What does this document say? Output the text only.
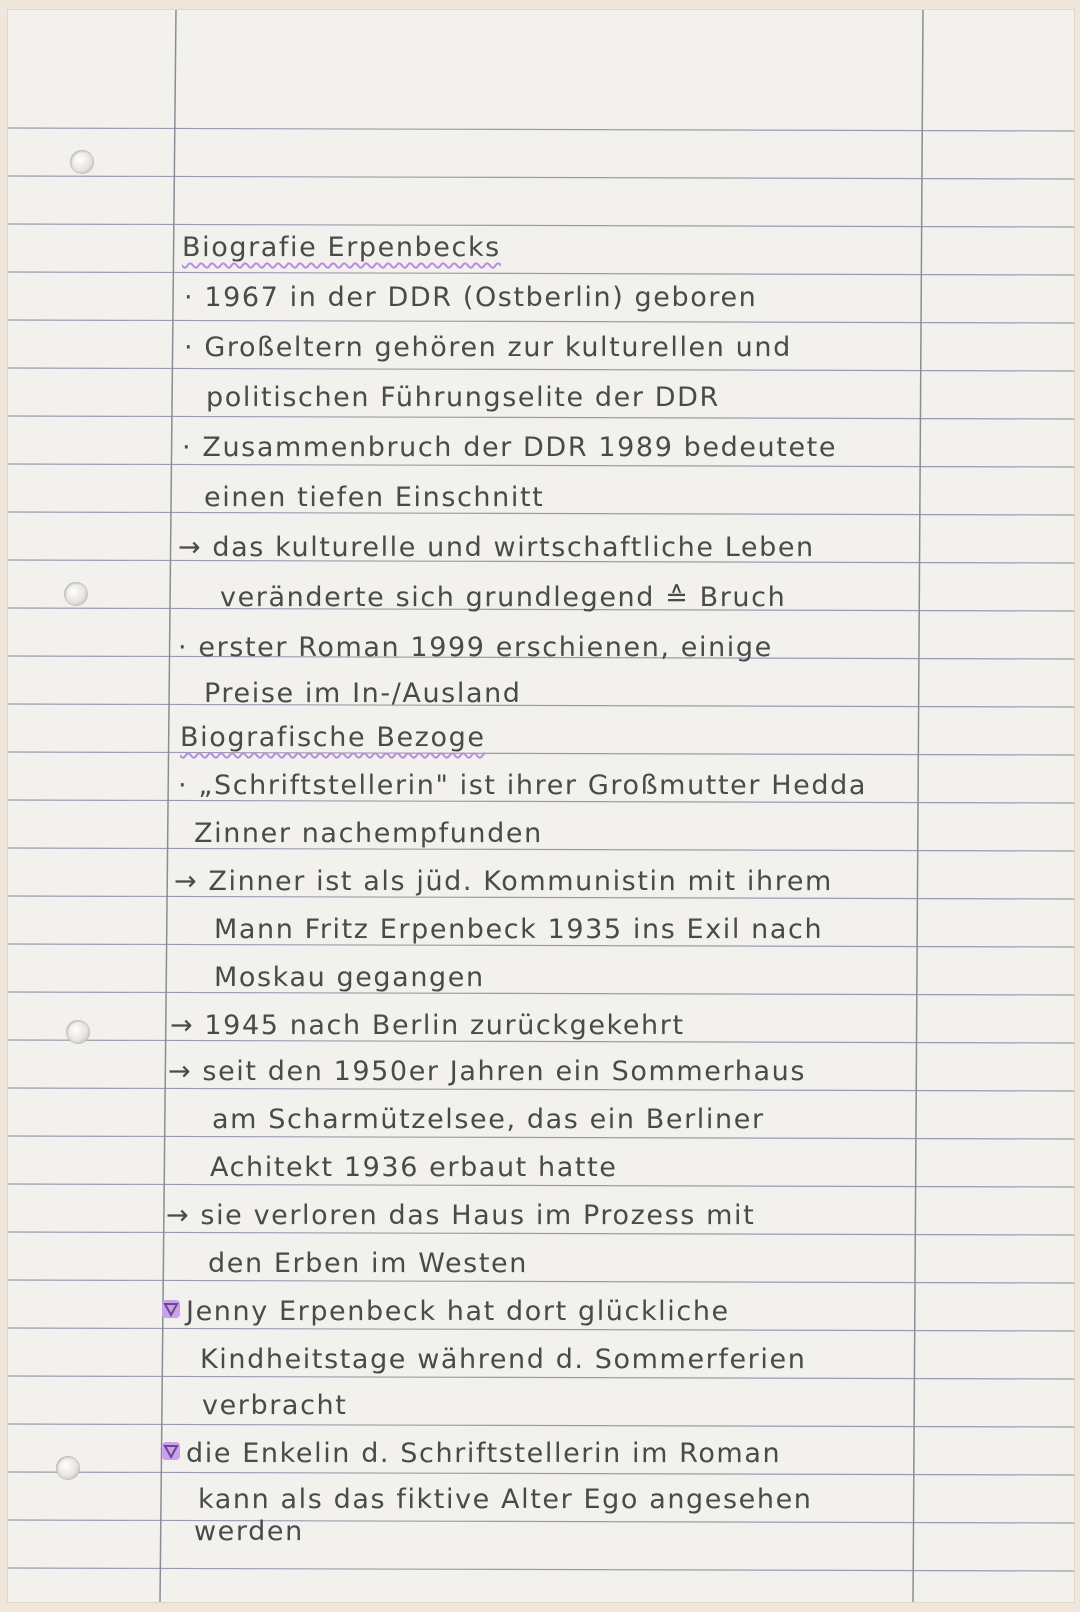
Biografie Erpenbecks

· 1967 in der DDR (Ostberlin) geboren

· Großeltern gehören zur kulturellen und

politischen Führungselite der DDR

· Zusammenbruch der DDR 1989 bedeutete

einen tiefen Einschnitt

→ das kulturelle und wirtschaftliche Leben

veränderte sich grundlegend ≙ Bruch

· erster Roman 1999 erschienen, einige

Preise im In-/Ausland

Biografische Bezoge

· „Schriftstellerin" ist ihrer Großmutter Hedda

Zinner nachempfunden

→ Zinner ist als jüd. Kommunistin mit ihrem

Mann Fritz Erpenbeck 1935 ins Exil nach

Moskau gegangen

→ 1945 nach Berlin zurückgekehrt

→ seit den 1950er Jahren ein Sommerhaus

am Scharmützelsee, das ein Berliner

Achitekt 1936 erbaut hatte

→ sie verloren das Haus im Prozess mit

den Erben im Westen

Jenny Erpenbeck hat dort glückliche

Kindheitstage während d. Sommerferien

verbracht

die Enkelin d. Schriftstellerin im Roman

kann als das fiktive Alter Ego angesehen

werden
